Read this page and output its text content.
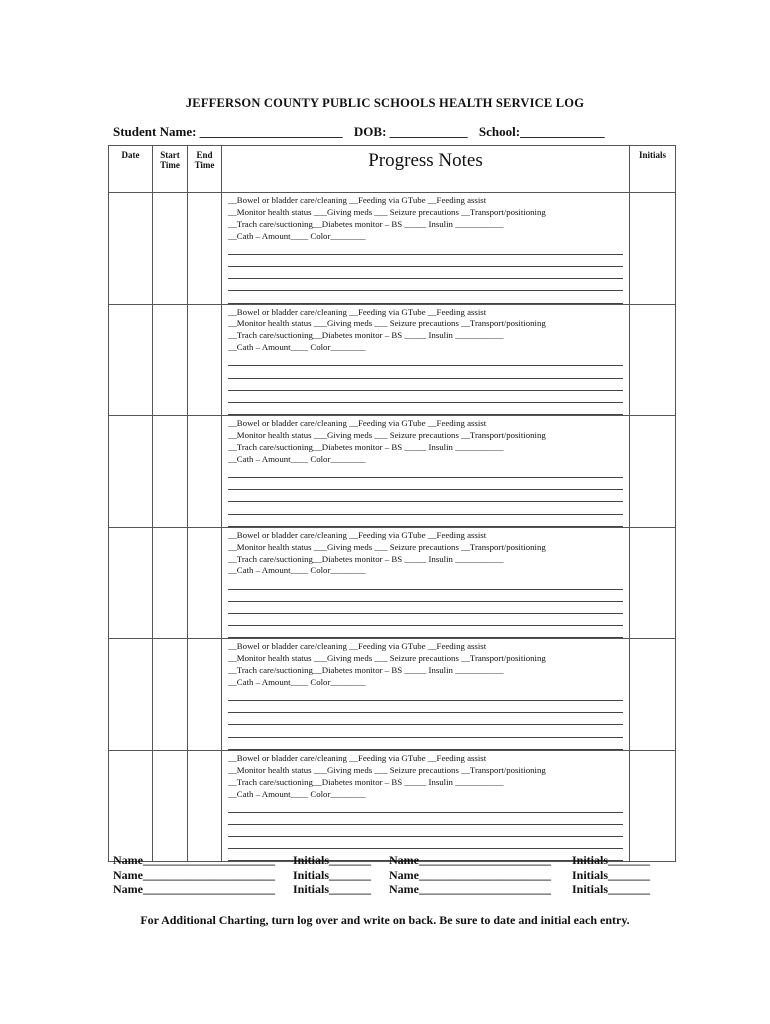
JEFFERSON COUNTY PUBLIC SCHOOLS HEALTH SERVICE LOG
Student Name: ______________________ DOB: ____________ School:_____________
Date	Start Time	End Time	Progress Notes	Initials

			__Bowel or bladder care/cleaning __Feeding via GTube __Feeding assist
__Monitor health status ___Giving meds ___ Seizure precautions __Transport/positioning
__Trach care/suctioning__Diabetes monitor – BS _____ Insulin ___________
__Cath – Amount____ Color________	

			__Bowel or bladder care/cleaning __Feeding via GTube __Feeding assist
__Monitor health status ___Giving meds ___ Seizure precautions __Transport/positioning
__Trach care/suctioning__Diabetes monitor – BS _____ Insulin ___________
__Cath – Amount____ Color________	

			__Bowel or bladder care/cleaning __Feeding via GTube __Feeding assist
__Monitor health status ___Giving meds ___ Seizure precautions __Transport/positioning
__Trach care/suctioning__Diabetes monitor – BS _____ Insulin ___________
__Cath – Amount____ Color________	

			__Bowel or bladder care/cleaning __Feeding via GTube __Feeding assist
__Monitor health status ___Giving meds ___ Seizure precautions __Transport/positioning
__Trach care/suctioning__Diabetes monitor – BS _____ Insulin ___________
__Cath – Amount____ Color________	

			__Bowel or bladder care/cleaning __Feeding via GTube __Feeding assist
__Monitor health status ___Giving meds ___ Seizure precautions __Transport/positioning
__Trach care/suctioning__Diabetes monitor – BS _____ Insulin ___________
__Cath – Amount____ Color________	

			__Bowel or bladder care/cleaning __Feeding via GTube __Feeding assist
__Monitor health status ___Giving meds ___ Seizure precautions __Transport/positioning
__Trach care/suctioning__Diabetes monitor – BS _____ Insulin ___________
__Cath – Amount____ Color________	

Name______________________ Initials_______ Name______________________ Initials_______
Name______________________ Initials_______ Name______________________ Initials_______
Name______________________ Initials_______ Name______________________ Initials_______
For Additional Charting, turn log over and write on back. Be sure to date and initial each entry.
